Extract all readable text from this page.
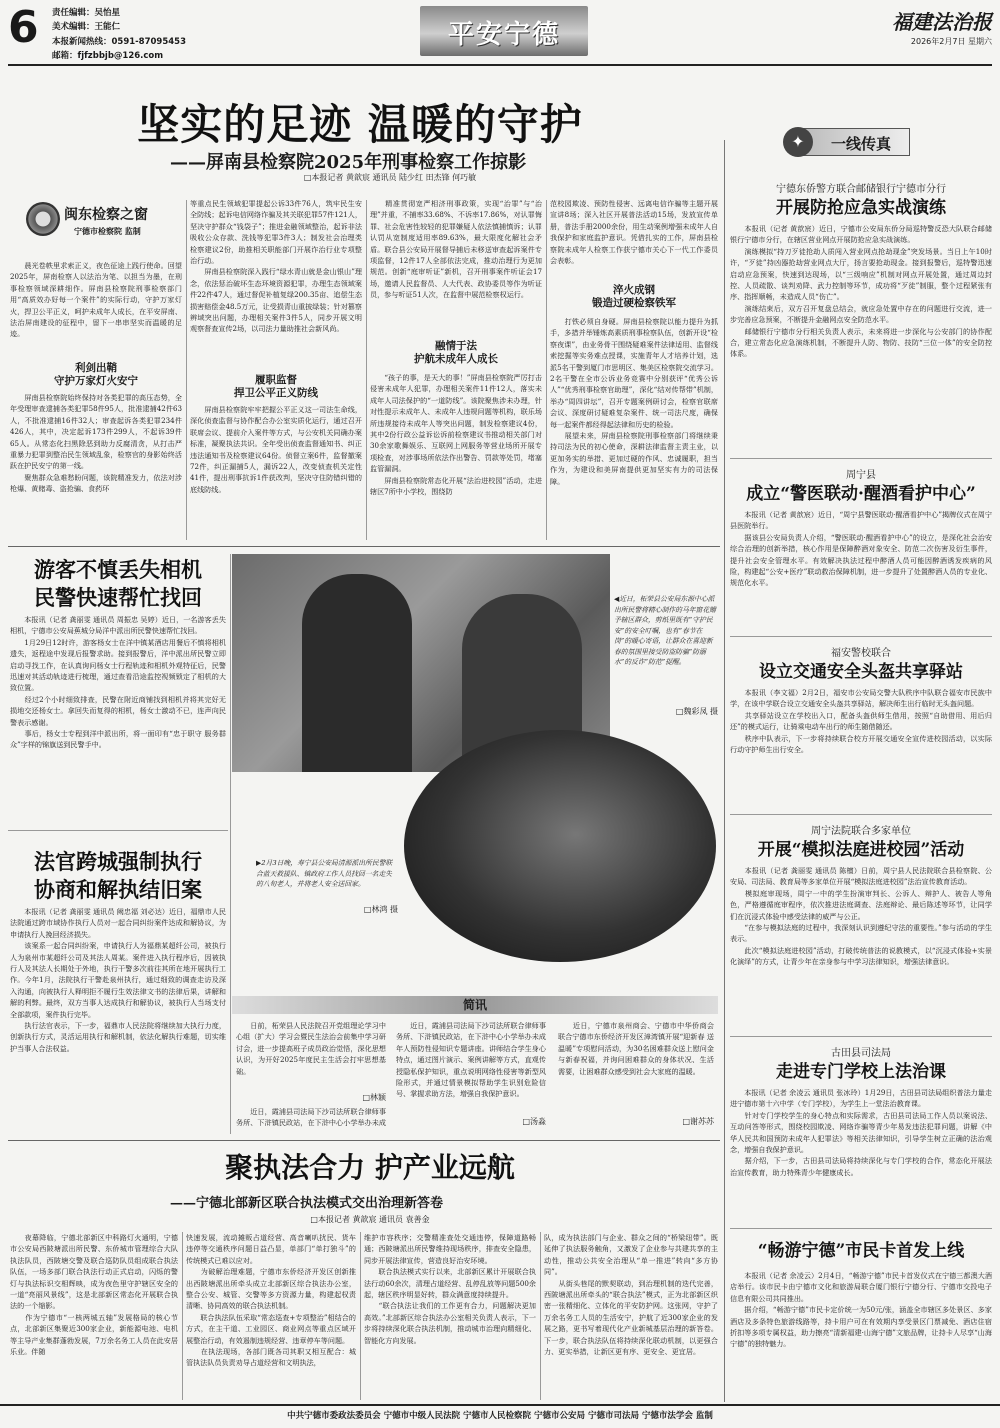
6 责任编辑：吴怡星
美术编辑：王能仁
本报新闻热线：0591-87095453
邮箱：fjfzbbjb@126.com
平安宁德	福建法治报
2026年2月7日 星期六
坚实的足迹 温暖的守护
——屏南县检察院2025年刑事检察工作掠影
□本报记者 黄歆宸 通讯员 陆少红 田杰锋 何巧敏
闽东检察之窗
宁德市检察院 监制
　　晨光卷帙里求索正义，夜色征途上践行使命。回望2025年，屏南检察人以法治为笔、以担当为墨，在刑事检察领域深耕细作。屏南县检察院刑事检察部门用“高质效办好每一个案件”的实际行动，守护万家灯火，捍卫公平正义，呵护未成年人成长，在平安屏南、法治屏南建设的征程中，留下一串串坚实而温暖的足迹。
利剑出鞘
守护万家灯火安宁
　　屏南县检察院始终保持对各类犯罪的高压态势，全年受理审查逮捕各类犯罪58件95人，批准逮捕42件63人，不批准逮捕16件32人；审查起诉各类犯罪234件426人，其中，决定起诉173件299人，不起诉39件65人。从常态化扫黑除恶到助力反腐清贪，从打击严重暴力犯罪到整治民生领域乱象，检察官的身影始终活跃在护民安宁的第一线。
　　聚焦群众急难愁盼问题，该院精准发力，依法对涉枪爆、黄赌毒、盗抢骗、食药环
等重点民生领域犯罪提起公诉33件76人，筑牢民生安全防线；起诉电信网络诈骗及其关联犯罪57件121人，坚决守护群众“钱袋子”；推进金融领域整治，起诉非法吸收公众存款、洗钱等犯罪3件3人；制发社会治理类检察建议2份，助推相关职能部门开展诈治行业专项整治行动。
　　屏南县检察院深入践行“绿水青山就是金山银山”理念，依法惩治破坏生态环境资源犯罪，办理生态领域案件22件47人，通过督促补植复绿200.35亩、追偿生态损害赔偿金48.5万元，让受损青山重披绿装；针对篡察辨域突出问题，办理相关案件3件5人，同步开展文明观察督查宣传2场，以司法力量助推社会新风尚。
履职监督
捍卫公平正义防线
　　屏南县检察院牢牢把握公平正义这一司法生命线，深化侦查监督与协作配合办公室实质化运行，通过召开联席会议、提前介入案件等方式，与公安机关同确办案标准，凝聚执法共识。全年受出侦查监督通知书、纠正违法通知书及检察建议64份。侦督立案6件，监督撤案72件，纠正漏捕5人，漏诉22人，改变侦查机关定性41件，提出刑事抗诉1件获改判，坚决守住防错纠错的底线防线。
　　精准贯彻宽严相济刑事政策，实现“治罪”与“治理”并重，不捕率33.68%、不诉率17.86%，对认罪悔罪、社会危害性较轻的犯罪嫌疑人依法慎捕慎诉；认罪认罚从宽制度适用率89.63%，最大限度化解社会矛盾。联合县公安局开展督导捕后未移送审查起诉案件专项监督，12件17人全部依法完成，推动治理行为更加规范。创新“庭审听证”新机，召开刑事案件听证会17场，邀请人民监督员、人大代表、政协委员等作为听证员，参与听证51人次，在监督中展范检察权运行。
融情于法
护航未成年人成长
　　“孩子的事，是天大的事！”屏南县检察院严厉打击侵害未成年人犯罪，办理相关案件11件12人，落实未成年人司法保护的“一道防线”。该院聚焦涉未办理，针对性提示未成年人、未成年人违规问题等机构，联乐场所违规接待未成年人等突出问题，制发检察建议4份，其中2份行政公益诉讼诉前检察建议书推动相关部门对30余家歌舞娱乐、互联网上网服务等营业场所开展专项检查，对涉事场所依法作出警告、罚款等处罚，堵塞监管漏洞。
　　屏南县检察院常态化开展“法治进校园”活动，走进辖区7所中小学校，围绕防
范校园欺凌、预防性侵害、远离电信诈骗等主题开展宣讲8场；深入社区开展普法活动15场，发放宣传单册，普法手册2000余份，用生动案例增强未成年人自我保护和家庭监护意识。凭借扎实的工作，屏南县检察院未成年人检察工作获宁德市关心下一代工作委员会表彰。
淬火成钢
锻造过硬检察铁军
　　打铁必须自身硬。屏南县检察院以能力提升为抓手，多措并举锤炼高素质刑事检察队伍，创新开设“检察夜课”，由业务骨干围绕疑难案件法律适用、监督线索挖掘等实务难点授课，实施青年人才培养计划，选派5名干警到厦门市思明区、集美区检察院交流学习。2名干警在全市公诉业务竞赛中分别获评“优秀公诉人”“优秀刑事检察官助理”，深化“结对传帮带”机制，举办“周四讲坛”，召开专题案例研讨会，检察官联席会议、深度研讨疑难复杂案件、统一司法尺度，确保每一起案件都经得起法律和历史的检验。
　　展望未来，屏南县检察院刑事检察部门将继续秉持司法为民的初心使命，深耕法律监督主责主业，以更加务实的举措、更加过硬的作风、忠诚履职，担当作为，为建设和美屏南提供更加坚实有力的司法保障。
✦	一线传真
宁德东侨警方联合邮储银行宁德市分行
开展防抢应急实战演练
　　本报讯（记者 黄歆宸）近日，宁德市公安局东侨分局巡特警反恐大队联合邮储银行宁德市分行，在辖区营业网点开展防抢应急实战演练。
　　演练模拟“持刀歹徒抢劫人质闯入营业网点抢劫现金”突发场景。当日上午10时许，“歹徒”持凶器抢劫营业网点大厅，扬言要抢劫现金。接到报警后，巡特警迅速启动应急预案，快速到达现场，以“三级响应”机制对网点开展处置，通过周边封控、人员疏散、谈判劝降、武力控制等环节，成功将“歹徒”制服，整个过程紧张有序、指挥顺畅，未造成人员“伤亡”。
　　演练结束后，双方召开复盘总结会，就应急处置中存在的问题进行交流，进一步完善应急预案，不断提升金融网点安全防范水平。
　　邮储银行宁德市分行相关负责人表示，未来将进一步深化与公安部门的协作配合，建立常态化应急演练机制，不断提升人防、物防、技防“三位一体”的安全防控体系。
周宁县
成立“警医联动·醒酒看护中心”
　　本报讯（记者 黄歆宸）近日，“周宁县警医联动·醒酒看护中心”揭牌仪式在周宁县医院举行。
　　据该县公安局负责人介绍，“警医联动·醒酒看护中心”的设立，是深化社会治安综合治理的创新举措，核心作用是保障醉酒对象安全、防范二次伤害及衍生事件，提升社会安全管理水平。有效解决执法过程中醉酒人员可能因醉酒诱发疾病的风险，构建起“公安+医疗”联动救治保障机制，进一步提升了处置醉酒人员的专业化、规范化水平。
福安警校联合
设立交通安全头盔共享驿站
　　本报讯（李文福）2月2日，福安市公安局交警大队秩序中队联合福安市民族中学，在该中学联合设立交通安全头盔共享驿站，解决师生出行临时无头盔问题。
　　共享驿站设立在学校出入口，配备头盔供师生借用，按照“自助借用、用后归还”的模式运行，让骑乘电动车出行的师生随借随还。
　　秩序中队表示，下一步将持续联合校方开展交通安全宣传进校园活动，以实际行动守护师生出行安全。
周宁法院联合多家单位
开展“模拟法庭进校园”活动
　　本报讯（记者 龚丽雯 通讯员 陈檀）日前，周宁县人民法院联合县检察院、公安局、司法局、教育局等多家单位开展“模拟法庭进校园”法治宣传教育活动。
　　模拟庭审现场，周宁一中的学生扮演审判长、公诉人、辩护人、被告人等角色，严格遵循庭审程序，依次推进法庭调查、法庭辩论、最后陈述等环节，让同学们在沉浸式体验中感受法律的威严与公正。
　　“在参与模拟法庭的过程中，我深刻认识到遵纪守法的重要性。”参与活动的学生表示。
　　此次“模拟法庭进校园”活动，打破传统普法的说教模式，以“沉浸式体验+实景化演绎”的方式，让青少年在亲身参与中学习法律知识，增强法律意识。
古田县司法局
走进专门学校上法治课
　　本报讯（记者 余凌云 通讯员 张冰玲）1月29日，古田县司法局组织普法力量走进宁德市第十六中学（专门学校），为学生上一堂法治教育课。
　　针对专门学校学生的身心特点和实际需求，古田县司法局工作人员以案说法、互动问答等形式，围绕校园欺凌、网络诈骗等青少年易发违法犯罪问题，讲解《中华人民共和国预防未成年人犯罪法》等相关法律知识，引导学生树立正确的法治观念，增强自我保护意识。
　　据介绍，下一步，古田县司法局将持续深化与专门学校的合作，常态化开展法治宣传教育，助力特殊青少年健康成长。
“畅游宁德”市民卡首发上线
　　本报讯（记者 余凌云）2月4日，“畅游宁德”市民卡首发仪式在宁德三都澳大酒店举行。该市民卡由宁德市文化和旅游局联合厦门银行宁德分行、宁德市交投电子信息有限公司共同推出。
　　据介绍，“畅游宁德”市民卡定价统一为50元/张，涵盖全市辖区多处景区、多家酒店及多条特色旅游线路等，持卡用户可在有效期内享受景区门票减免、酒店住宿折扣等多项专属权益，助力擦亮“清新福建·山海宁德”文旅品牌，让持卡人尽享“山海宁德”的独特魅力。
游客不慎丢失相机
民警快速帮忙找回
　　本报讯（记者 龚丽雯 通讯员 周振忠 吴婷）近日，一名游客丢失相机，宁德市公安局蕉城分局洋中派出所民警快速帮忙找回。
　　1月29日12时许，游客杨女士在洋中镇某酒店用餐后不慎将相机遗失，返程途中发现后报警求助。接到报警后，洋中派出所民警立即启动寻找工作，在认真询问杨女士行程轨迹和相机外观特征后，民警迅速对其活动轨迹进行梳理，通过查看沿途监控视频锁定了相机的大致位置。
　　经过2个小时细致排查，民警在附近商铺找到相机并将其完好无损地交还杨女士。拿回失而复得的相机，杨女士激动不已，连声向民警表示感谢。
　　事后，杨女士专程到洋中派出所，将一面印有“忠于职守 服务群众”字样的锦旗送到民警手中。
◀近日，柘荣县公安局东源中心派出所民警将精心制作的马年窗花赠予辖区群众，剪纸里既有“守护民安”的安全叮嘱，也有“春节在岗”的暖心寄语，让群众在喜迎新春的氛围里接受防盗防骗“防溺水”的反诈“防范”提醒。
□魏彩凤 摄
▶2月3日晚，寿宁县公安局清源派出所民警联合蓝天救援队、镇政府工作人员找回一名走失的八旬老人，并将老人安全送回家。
□林鸿 摄
法官跨城强制执行
协商和解执结旧案
　　本报讯（记者 龚丽雯 通讯员 阙忠福 刘必达）近日，福鼎市人民法院通过跨市域协作执行人员对一起合同纠纷案件达成和解协议，为申请执行人挽回经济损失。
　　该案系一起合同纠纷案，申请执行人为福鼎某超纤公司，被执行人为泉州市某超纤公司及其法人周某。案件进入执行程序后，因被执行人及其法人长期处于外地，执行干警多次前往其所在地开展执行工作。今年1月，法院执行干警赴泉州执行，通过细致的调查走访及深入沟通，向被执行人释明拒不履行生效法律文书的法律后果，讲解和解的利弊。最终，双方当事人达成执行和解协议，被执行人当场支付全部款项，案件执行完毕。
　　执行法官表示，下一步，福鼎市人民法院将继续加大执行力度，创新执行方式，灵活运用执行和解机制，依法化解执行难题，切实维护当事人合法权益。
简讯
　　日前，柘荣县人民法院召开党组理论学习中心组（扩大）学习会暨民生法治会前集中学习研讨会，进一步提高班子成员政治觉悟，深化思想认识，为开好2025年度民主生活会打牢思想基础。
□林颖
　　近日，霞浦县司法局下沙司法所联合律师事务所、下浒镇民政站，在下浒中心小学举办未成
　　近日，霞浦县司法局下沙司法所联合律师事务所、下浒镇民政站，在下浒中心小学举办未成年人预防性侵知识专题讲座。讲师结合学生身心特点，通过图片演示、案例讲解等方式，直观传授隐私保护知识，重点说明网络性侵害等新型风险形式，并通过情景模拟帮助学生识别危险信号、掌握求助方法，增强自我保护意识。
□汤淼
　　近日，宁德市泉州商会、宁德市中华侨商会联合宁德市东侨经济开发区漳湾镇开展“迎新春 送温暖”专项慰问活动，为30名困难群众送上慰问金与新春祝福，并询问困难群众的身体状况、生活需要，让困难群众感受到社会大家庭的温暖。
□谢苏苏
聚执法合力 护产业远航
——宁德北部新区联合执法模式交出治理新答卷
□本报记者 黄歆宸 通讯员 袁善金
　　夜幕降临，宁德北部新区中科路灯火通明，宁德市公安局西陂塘派出所民警、东侨城市管理综合大队执法队员，西陂塘交警及联合巡防队员组成联合执法队伍，一场多部门联合执法行动正式启动，闪烁的警灯与执法标识交相辉映，成为夜色里守护辖区安全的一道“亮丽风景线”，这是北部新区常态化开展联合执法的一个缩影。
　　作为宁德市“一核两城五轴”发展格局的核心节点，北部新区集聚近300家企业，新能源电池、电机等主导产业集群蓬勃发展，7万余名务工人员在此安居乐业。伴随
快速发展，流动摊贩占道经营、高音喇叭扰民、货车违停等交通秩序问题日益凸显，单部门“单打独斗”的传统模式已难以应对。
　　为破解治理难题，宁德市东侨经济开发区创新推出西陂塘派出所牵头成立北部新区综合执法办公室，整合公安、城管、交警等多方资源力量，构建起权责清晰、协同高效的联合执法机制。
　　联合执法队伍采取“常态巡查+专项整治”相结合的方式，在主干道、工业园区、商业网点等重点区域开展整治行动，有效遏制违规经营、违章停车等问题。
　　在执法现场，各部门既各司其职又相互配合：城管执法队员负责劝导占道经营和文明执法，
维护市容秩序；交警精准查处交通违停，保障道路畅通；西陂塘派出所民警维持现场秩序，排查安全隐患，同步开展法律宣传，营造良好治安环境。
　　联合执法模式实行以来，北部新区累计开展联合执法行动60余次，清理占道经营、乱停乱放等问题500余起，辖区秩序明显好转，群众满意度持续提升。
　　“联合执法让我们的工作更有合力，问题解决更加高效。”北部新区综合执法办公室相关负责人表示，下一步将持续深化联合执法机制，推动城市治理向精细化、智能化方向发展。
队，成为执法部门与企业、群众之间的“桥梁纽带”。既延伸了执法服务触角，又激发了企业参与共建共享的主动性，推动公共安全治理从“单一推进”转向“多方协同”。
　　从街头巷尾的默契联动，到治理机制的迭代完善，西陂塘派出所牵头的“联合执法”模式，正为北部新区织密一张精细化、立体化的平安防护网。这张网，守护了万余名务工人员的生活安宁，护航了近300家企业的发展之路，更书写着现代化产业新城基层治理的新答卷。下一步，联合执法队伍将持续深化联动机制，以更强合力、更实举措，让新区更有序、更安全、更宜居。
中共宁德市委政法委员会 宁德市中级人民法院 宁德市人民检察院 宁德市公安局 宁德市司法局 宁德市法学会 监制
